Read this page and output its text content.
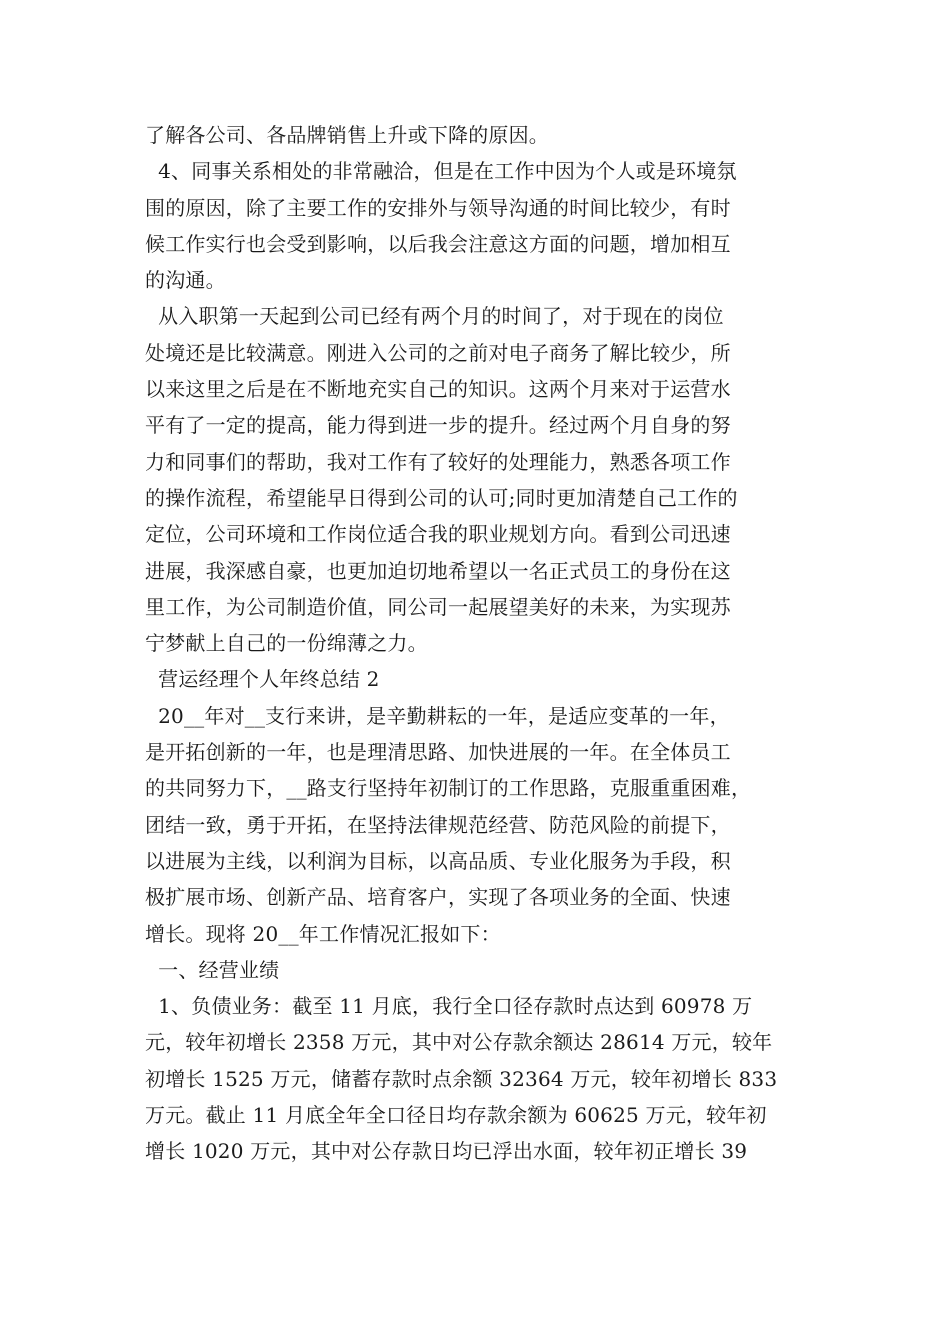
了解各公司、各品牌销售上升或下降的原因。
4、同事关系相处的非常融洽，但是在工作中因为个人或是环境氛
围的原因，除了主要工作的安排外与领导沟通的时间比较少，有时
候工作实行也会受到影响，以后我会注意这方面的问题，增加相互
的沟通。
从入职第一天起到公司已经有两个月的时间了，对于现在的岗位
处境还是比较满意。刚进入公司的之前对电子商务了解比较少，所
以来这里之后是在不断地充实自己的知识。这两个月来对于运营水
平有了一定的提高，能力得到进一步的提升。经过两个月自身的努
力和同事们的帮助，我对工作有了较好的处理能力，熟悉各项工作
的操作流程，希望能早日得到公司的认可;同时更加清楚自己工作的
定位，公司环境和工作岗位适合我的职业规划方向。看到公司迅速
进展，我深感自豪，也更加迫切地希望以一名正式员工的身份在这
里工作，为公司制造价值，同公司一起展望美好的未来，为实现苏
宁梦献上自己的一份绵薄之力。
营运经理个人年终总结 2
20__年对__支行来讲，是辛勤耕耘的一年，是适应变革的一年，
是开拓创新的一年，也是理清思路、加快进展的一年。在全体员工
的共同努力下，__路支行坚持年初制订的工作思路，克服重重困难，
团结一致，勇于开拓，在坚持法律规范经营、防范风险的前提下，
以进展为主线，以利润为目标，以高品质、专业化服务为手段，积
极扩展市场、创新产品、培育客户，实现了各项业务的全面、快速
增长。现将 20__年工作情况汇报如下：
一、经营业绩
1、负债业务：截至 11 月底，我行全口径存款时点达到 60978 万
元，较年初增长 2358 万元，其中对公存款余额达 28614 万元，较年
初增长 1525 万元，储蓄存款时点余额 32364 万元，较年初增长 833
万元。截止 11 月底全年全口径日均存款余额为 60625 万元，较年初
增长 1020 万元，其中对公存款日均已浮出水面，较年初正增长 39
